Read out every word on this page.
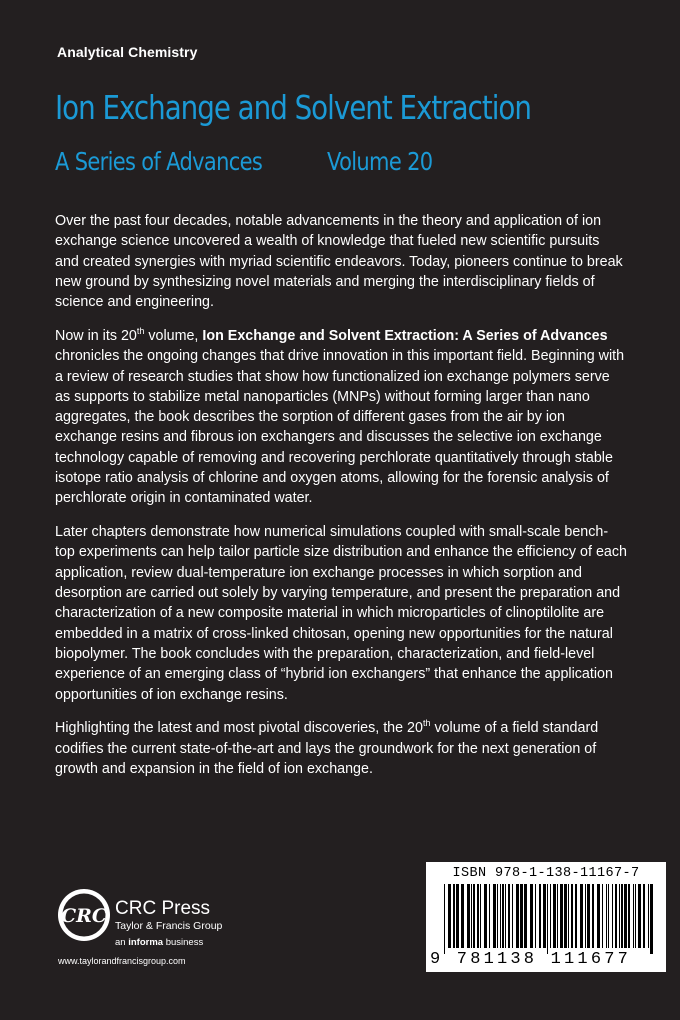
Analytical Chemistry
Ion Exchange and Solvent Extraction
A Series of Advances	Volume 20

Over the past four decades, notable advancements in the theory and application of ion exchange science uncovered a wealth of knowledge that fueled new scientific pursuits and created synergies with myriad scientific endeavors. Today, pioneers continue to break new ground by synthesizing novel materials and merging the interdisciplinary fields of science and engineering.

Now in its 20th volume, Ion Exchange and Solvent Extraction: A Series of Advances chronicles the ongoing changes that drive innovation in this important field. Beginning with a review of research studies that show how functionalized ion exchange polymers serve as supports to stabilize metal nanoparticles (MNPs) without forming larger than nano aggregates, the book describes the sorption of different gases from the air by ion exchange resins and fibrous ion exchangers and discusses the selective ion exchange technology capable of removing and recovering perchlorate quantitatively through stable isotope ratio analysis of chlorine and oxygen atoms, allowing for the forensic analysis of perchlorate origin in contaminated water.

Later chapters demonstrate how numerical simulations coupled with small-scale bench-top experiments can help tailor particle size distribution and enhance the efficiency of each application, review dual-temperature ion exchange processes in which sorption and desorption are carried out solely by varying temperature, and present the preparation and characterization of a new composite material in which microparticles of clinoptilolite are embedded in a matrix of cross-linked chitosan, opening new opportunities for the natural biopolymer. The book concludes with the preparation, characterization, and field-level experience of an emerging class of “hybrid ion exchangers” that enhance the application opportunities of ion exchange resins.

Highlighting the latest and most pivotal discoveries, the 20th volume of a field standard codifies the current state-of-the-art and lays the groundwork for the next generation of growth and expansion in the field of ion exchange.

CRC CRC Press
Taylor & Francis Group
an informa business
www.taylorandfrancisgroup.com
ISBN 978-1-138-11167-7
9 781138 111677
